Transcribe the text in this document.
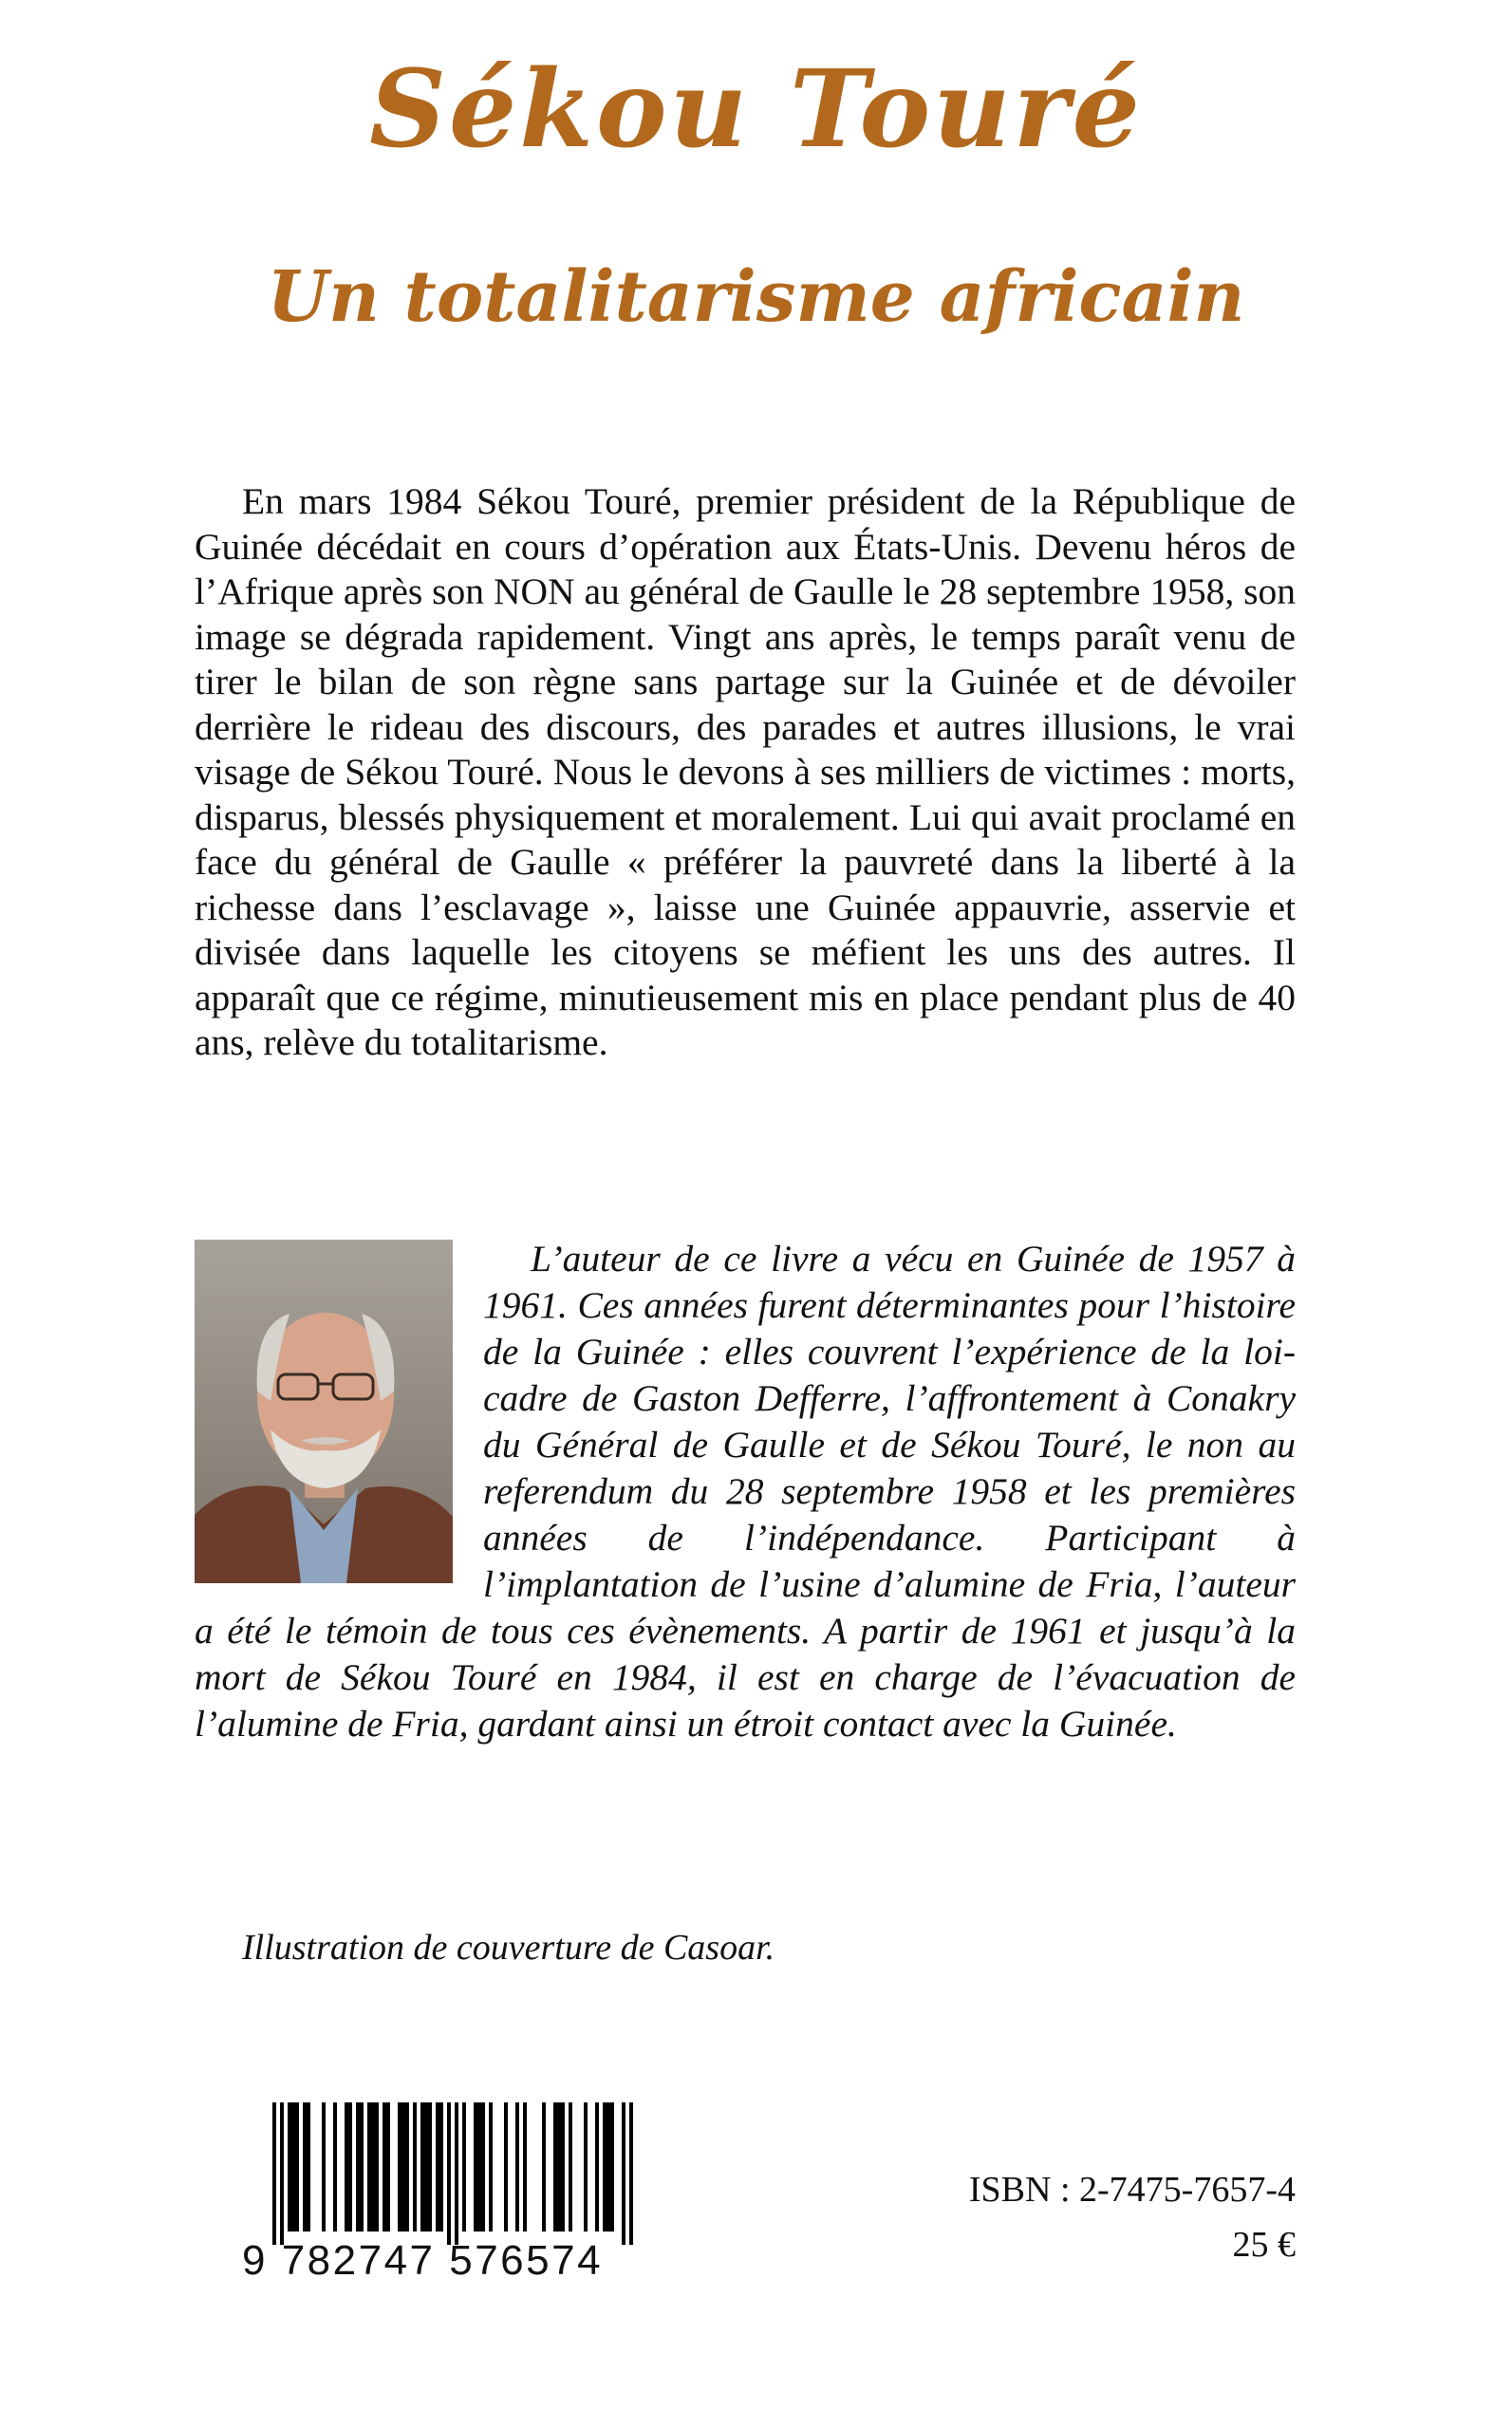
Sékou Touré
Un totalitarisme africain

En mars 1984 Sékou Touré, premier président de la République de Guinée décédait en cours d’opération aux États-Unis. Devenu héros de l’Afrique après son NON au général de Gaulle le 28 septembre 1958, son image se dégrada rapidement. Vingt ans après, le temps paraît venu de tirer le bilan de son règne sans partage sur la Guinée et de dévoiler derrière le rideau des discours, des parades et autres illusions, le vrai visage de Sékou Touré. Nous le devons à ses milliers de victimes : morts, disparus, blessés physiquement et moralement. Lui qui avait proclamé en face du général de Gaulle « préférer la pauvreté dans la liberté à la richesse dans l’esclavage », laisse une Guinée appauvrie, asservie et divisée dans laquelle les citoyens se méfient les uns des autres. Il apparaît que ce régime, minutieusement mis en place pendant plus de 40 ans, relève du totalitarisme.

L’auteur de ce livre a vécu en Guinée de 1957 à 1961. Ces années furent déterminantes pour l’histoire de la Guinée : elles couvrent l’expérience de la loi-cadre de Gaston Defferre, l’affrontement à Conakry du Général de Gaulle et de Sékou Touré, le non au referendum du 28 septembre 1958 et les premières années de l’indépendance. Participant à l’implantation de l’usine d’alumine de Fria, l’auteur a été le témoin de tous ces évènements. A partir de 1961 et jusqu’à la mort de Sékou Touré en 1984, il est en charge de l’évacuation de l’alumine de Fria, gardant ainsi un étroit contact avec la Guinée.

Illustration de couverture de Casoar.

9 782747 576574
ISBN : 2-7475-7657-4
25 €
